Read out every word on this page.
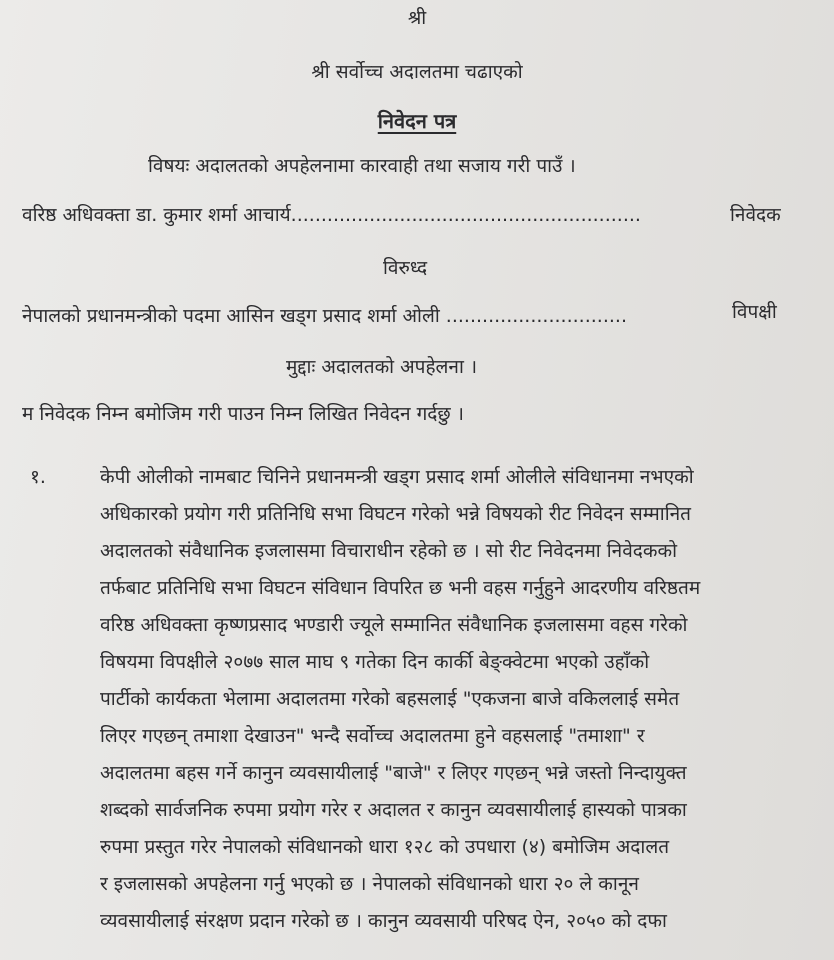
श्री
श्री सर्वोच्च अदालतमा चढाएको
निवेदन पत्र
विषयः अदालतको अपहेलनामा कारवाही तथा सजाय गरी पाउँ ।
वरिष्ठ अधिवक्ता डा. कुमार शर्मा आचार्य..........................................................	निवेदक
विरुध्द
नेपालको प्रधानमन्त्रीको पदमा आसिन खड्ग प्रसाद शर्मा ओली ..............................	विपक्षी
मुद्दाः अदालतको अपहेलना ।
म निवेदक निम्न बमोजिम गरी पाउन निम्न लिखित निवेदन गर्दछु ।
१.	केपी ओलीको नामबाट चिनिने प्रधानमन्त्री खड्ग प्रसाद शर्मा ओलीले संविधानमा नभएको
अधिकारको प्रयोग गरी प्रतिनिधि सभा विघटन गरेको भन्ने विषयको रीट निवेदन सम्मानित
अदालतको संवैधानिक इजलासमा विचाराधीन रहेको छ । सो रीट निवेदनमा निवेदकको
तर्फबाट प्रतिनिधि सभा विघटन संविधान विपरित छ भनी वहस गर्नुहुने आदरणीय वरिष्ठतम
वरिष्ठ अधिवक्ता कृष्णप्रसाद भण्डारी ज्यूले सम्मानित संवैधानिक इजलासमा वहस गरेको
विषयमा विपक्षीले २०७७ साल माघ ९ गतेका दिन कार्की बेङ्क्वेटमा भएको उहाँको
पार्टीको कार्यकता भेलामा अदालतमा गरेको बहसलाई "एकजना बाजे वकिललाई समेत
लिएर गएछन् तमाशा देखाउन" भन्दै सर्वोच्च अदालतमा हुने वहसलाई "तमाशा" र
अदालतमा बहस गर्ने कानुन व्यवसायीलाई "बाजे" र लिएर गएछन् भन्ने जस्तो निन्दायुक्त
शब्दको सार्वजनिक रुपमा प्रयोग गरेर र अदालत र कानुन व्यवसायीलाई हास्यको पात्रका
रुपमा प्रस्तुत गरेर नेपालको संविधानको धारा १२८ को उपधारा (४) बमोजिम अदालत
र इजलासको अपहेलना गर्नु भएको छ । नेपालको संविधानको धारा २० ले कानून
व्यवसायीलाई संरक्षण प्रदान गरेको छ । कानुन व्यवसायी परिषद ऐन, २०५० को दफा
